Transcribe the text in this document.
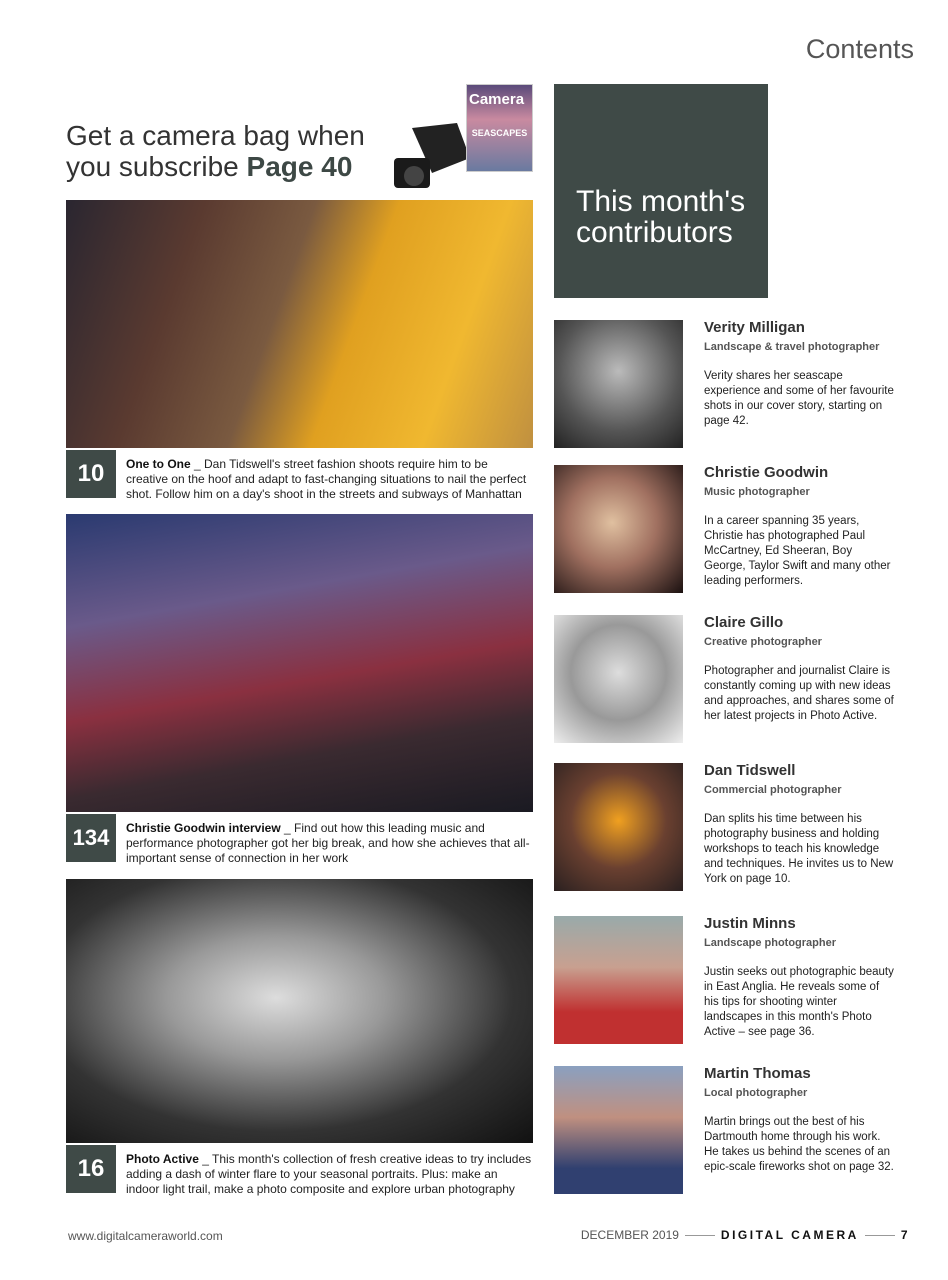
Contents
Get a camera bag when you subscribe Page 40
Camera
SEASCAPES
10	One to One _ Dan Tidswell's street fashion shoots require him to be creative on the hoof and adapt to fast-changing situations to nail the perfect shot. Follow him on a day's shoot in the streets and subways of Manhattan
134	Christie Goodwin interview _ Find out how this leading music and performance photographer got her big break, and how she achieves that all-important sense of connection in her work
16	Photo Active _ This month's collection of fresh creative ideas to try includes adding a dash of winter flare to your seasonal portraits. Plus: make an indoor light trail, make a photo composite and explore urban photography
This month's contributors
Verity Milligan
Landscape & travel photographer
Verity shares her seascape experience and some of her favourite shots in our cover story, starting on page 42.
Christie Goodwin
Music photographer
In a career spanning 35 years, Christie has photographed Paul McCartney, Ed Sheeran, Boy George, Taylor Swift and many other leading performers.
Claire Gillo
Creative photographer
Photographer and journalist Claire is constantly coming up with new ideas and approaches, and shares some of her latest projects in Photo Active.
Dan Tidswell
Commercial photographer
Dan splits his time between his photography business and holding workshops to teach his knowledge and techniques. He invites us to New York on page 10.
Justin Minns
Landscape photographer
Justin seeks out photographic beauty in East Anglia. He reveals some of his tips for shooting winter landscapes in this month's Photo Active – see page 36.
Martin Thomas
Local photographer
Martin brings out the best of his Dartmouth home through his work. He takes us behind the scenes of an epic-scale fireworks shot on page 32.
www.digitalcameraworld.com	DECEMBER 2019	DIGITAL CAMERA	7
